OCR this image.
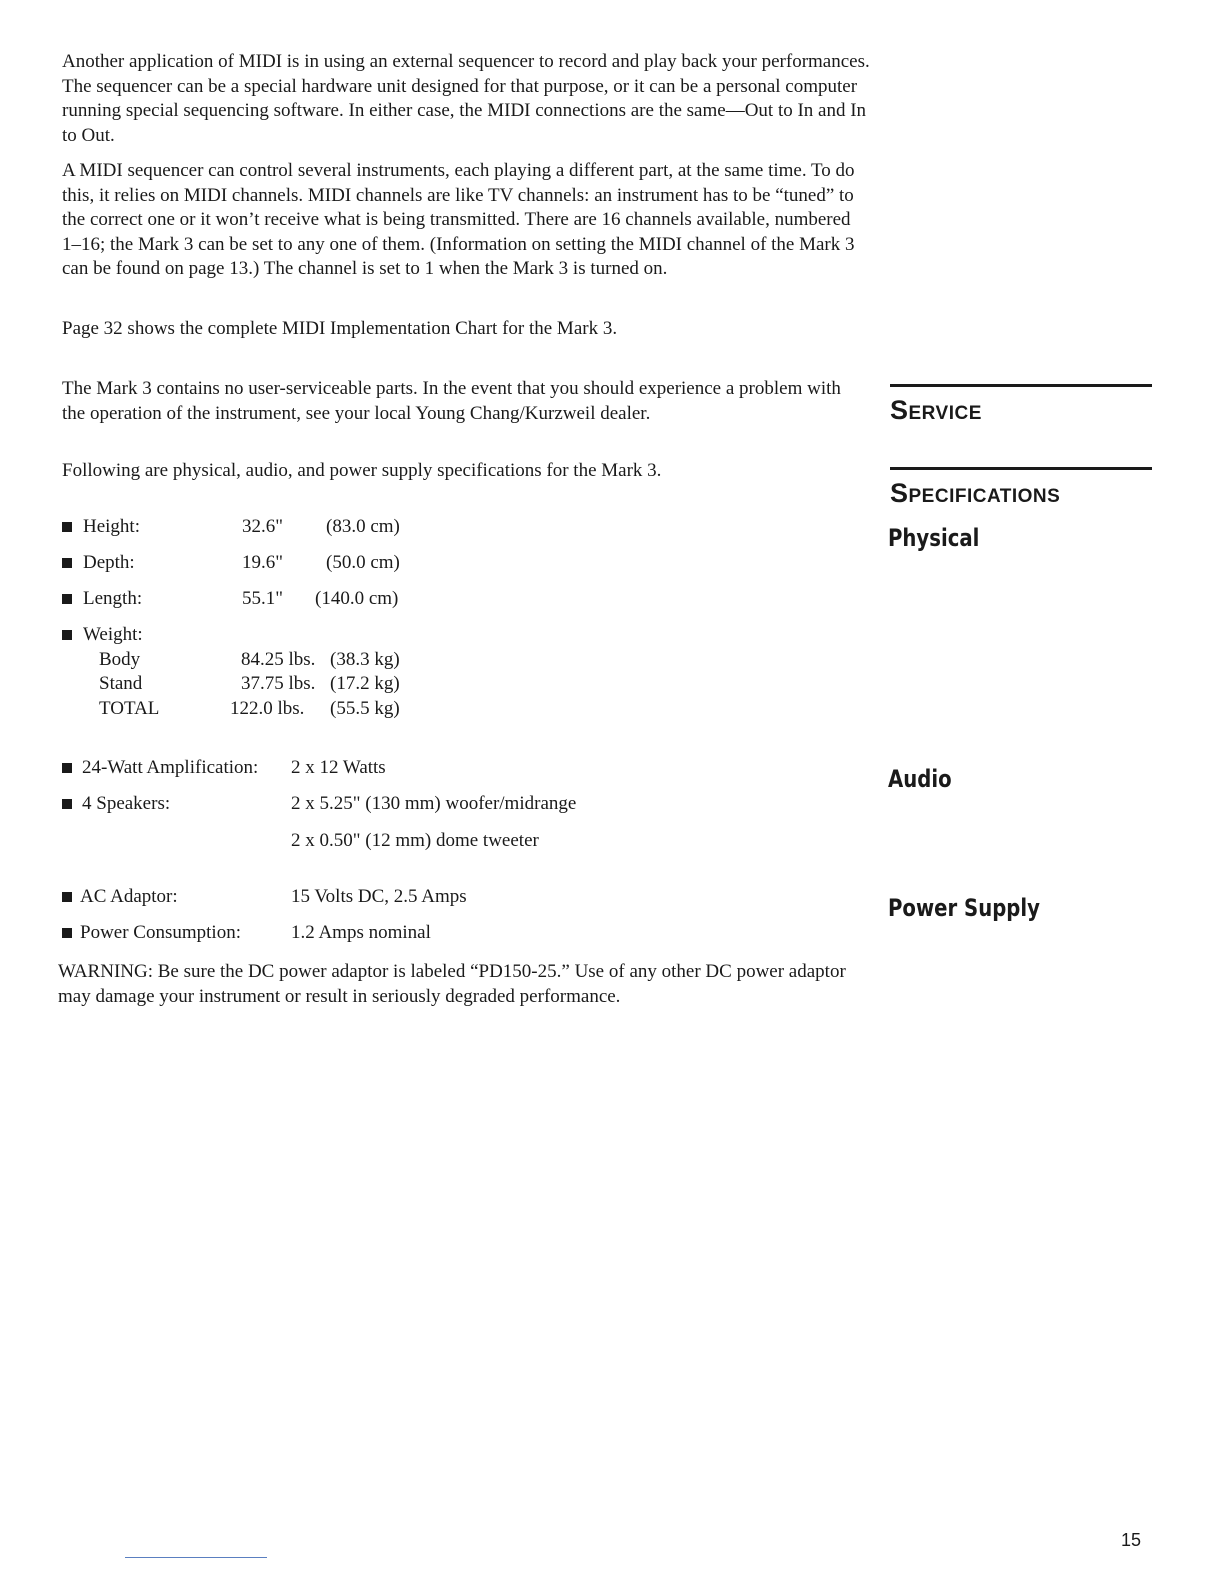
Another application of MIDI is in using an external sequencer to record and play back your performances. The sequencer can be a special hardware unit designed for that purpose, or it can be a personal computer running special sequencing software. In either case, the MIDI connections are the same—Out to In and In to Out.

A MIDI sequencer can control several instruments, each playing a different part, at the same time. To do this, it relies on MIDI channels. MIDI channels are like TV channels: an instrument has to be “tuned” to the correct one or it won’t receive what is being transmitted. There are 16 channels available, numbered 1–16; the Mark 3 can be set to any one of them. (Information on setting the MIDI channel of the Mark 3 can be found on page 13.) The channel is set to 1 when the Mark 3 is turned on.

Page 32 shows the complete MIDI Implementation Chart for the Mark 3.

Service

The Mark 3 contains no user-serviceable parts. In the event that you should experience a problem with the operation of the instrument, see your local Young Chang/Kurzweil dealer.

Specifications

Following are physical, audio, and power supply specifications for the Mark 3.

Physical
Height:	32.6" (83.0 cm)
Depth:	19.6" (50.0 cm)
Length:	55.1" (140.0 cm)
Weight:
Body	84.25 lbs. (38.3 kg)
Stand	37.75 lbs. (17.2 kg)
TOTAL	122.0 lbs. (55.5 kg)
Audio
24-Watt Amplification: 2 x 12 Watts
4 Speakers:	2 x 5.25" (130 mm) woofer/midrange
2 x 0.50" (12 mm) dome tweeter
Power Supply
AC Adaptor:	15 Volts DC, 2.5 Amps
Power Consumption:	1.2 Amps nominal

WARNING: Be sure the DC power adaptor is labeled “PD150-25.” Use of any other DC power adaptor may damage your instrument or result in seriously degraded performance.

15
